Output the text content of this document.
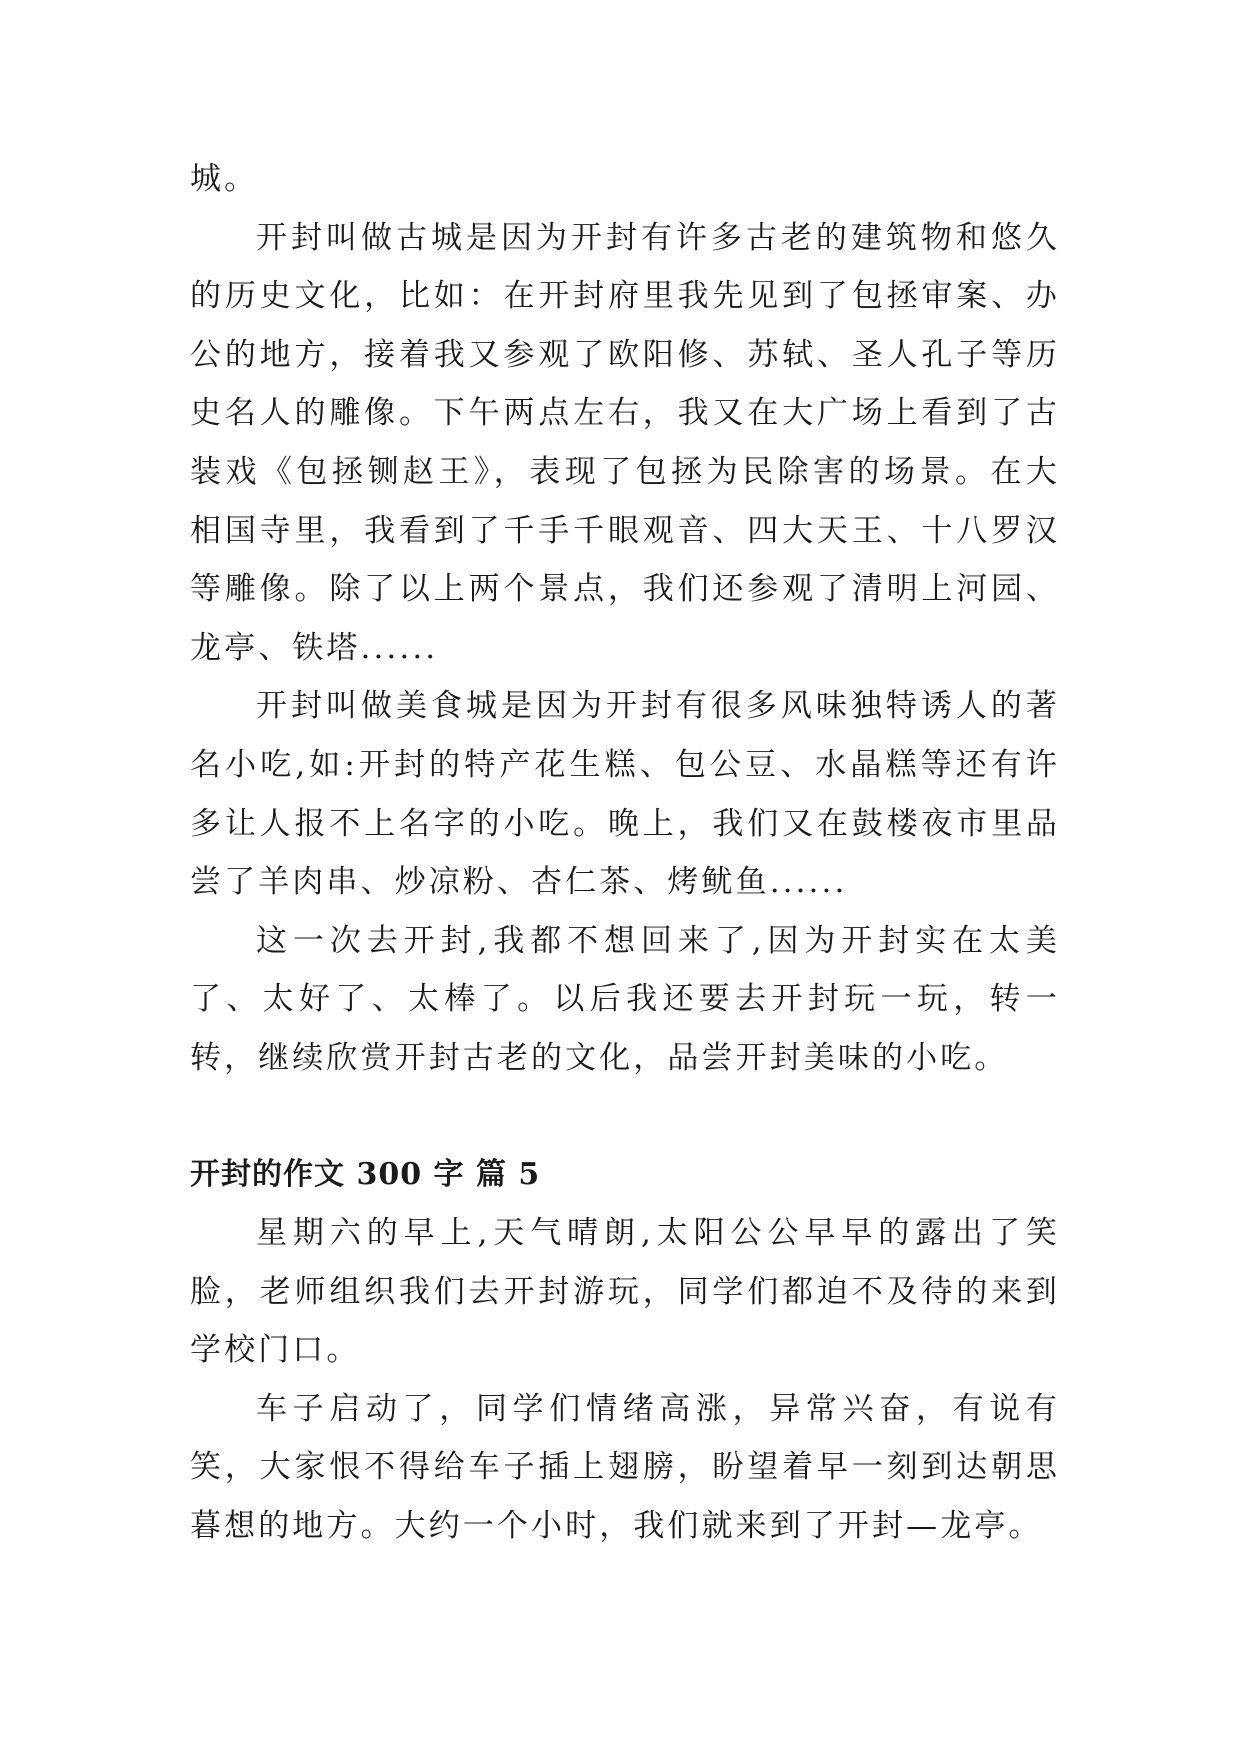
城。

开封叫做古城是因为开封有许多古老的建筑物和悠久的历史文化，比如：在开封府里我先见到了包拯审案、办公的地方，接着我又参观了欧阳修、苏轼、圣人孔子等历史名人的雕像。下午两点左右，我又在大广场上看到了古装戏《包拯铡赵王》，表现了包拯为民除害的场景。在大相国寺里，我看到了千手千眼观音、四大天王、十八罗汉等雕像。除了以上两个景点，我们还参观了清明上河园、龙亭、铁塔......

开封叫做美食城是因为开封有很多风味独特诱人的著名小吃,如:开封的特产花生糕、包公豆、水晶糕等还有许多让人报不上名字的小吃。晚上，我们又在鼓楼夜市里品尝了羊肉串、炒凉粉、杏仁茶、烤鱿鱼......

这一次去开封,我都不想回来了,因为开封实在太美了、太好了、太棒了。以后我还要去开封玩一玩，转一转，继续欣赏开封古老的文化，品尝开封美味的小吃。

开封的作文 300 字 篇 5

星期六的早上,天气晴朗,太阳公公早早的露出了笑脸，老师组织我们去开封游玩，同学们都迫不及待的来到学校门口。

车子启动了，同学们情绪高涨，异常兴奋，有说有笑，大家恨不得给车子插上翅膀，盼望着早一刻到达朝思暮想的地方。大约一个小时，我们就来到了开封—龙亭。
